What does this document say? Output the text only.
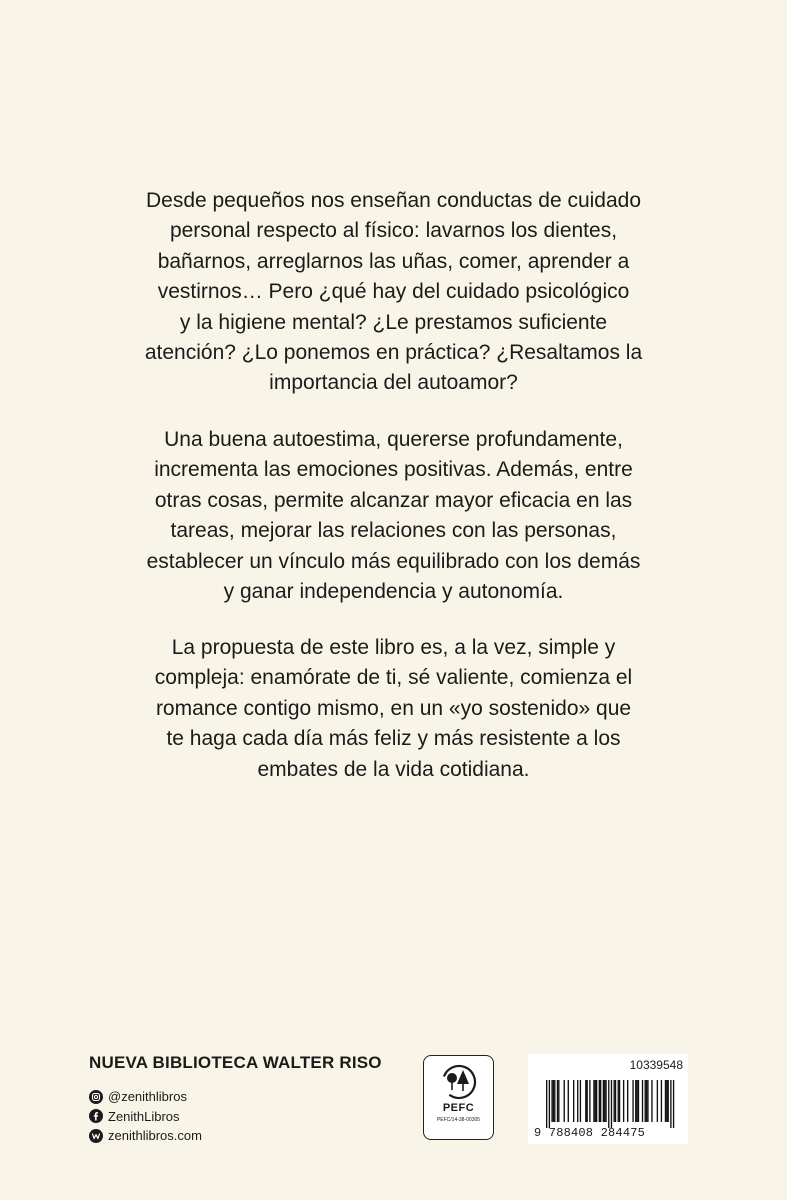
Desde pequeños nos enseñan conductas de cuidado

personal respecto al físico: lavarnos los dientes,

bañarnos, arreglarnos las uñas, comer, aprender a

vestirnos… Pero ¿qué hay del cuidado psicológico

y la higiene mental? ¿Le prestamos suficiente

atención? ¿Lo ponemos en práctica? ¿Resaltamos la

importancia del autoamor?

Una buena autoestima, quererse profundamente,

incrementa las emociones positivas. Además, entre

otras cosas, permite alcanzar mayor eficacia en las

tareas, mejorar las relaciones con las personas,

establecer un vínculo más equilibrado con los demás

y ganar independencia y autonomía.

La propuesta de este libro es, a la vez, simple y

compleja: enamórate de ti, sé valiente, comienza el

romance contigo mismo, en un «yo sostenido» que

te haga cada día más feliz y más resistente a los

embates de la vida cotidiana.

NUEVA BIBLIOTECA WALTER RISO
@zenithlibros
ZenithLibros
zenithlibros.com
PEFC
PEFC/14-38-00305
10339548
9 788408 284475
